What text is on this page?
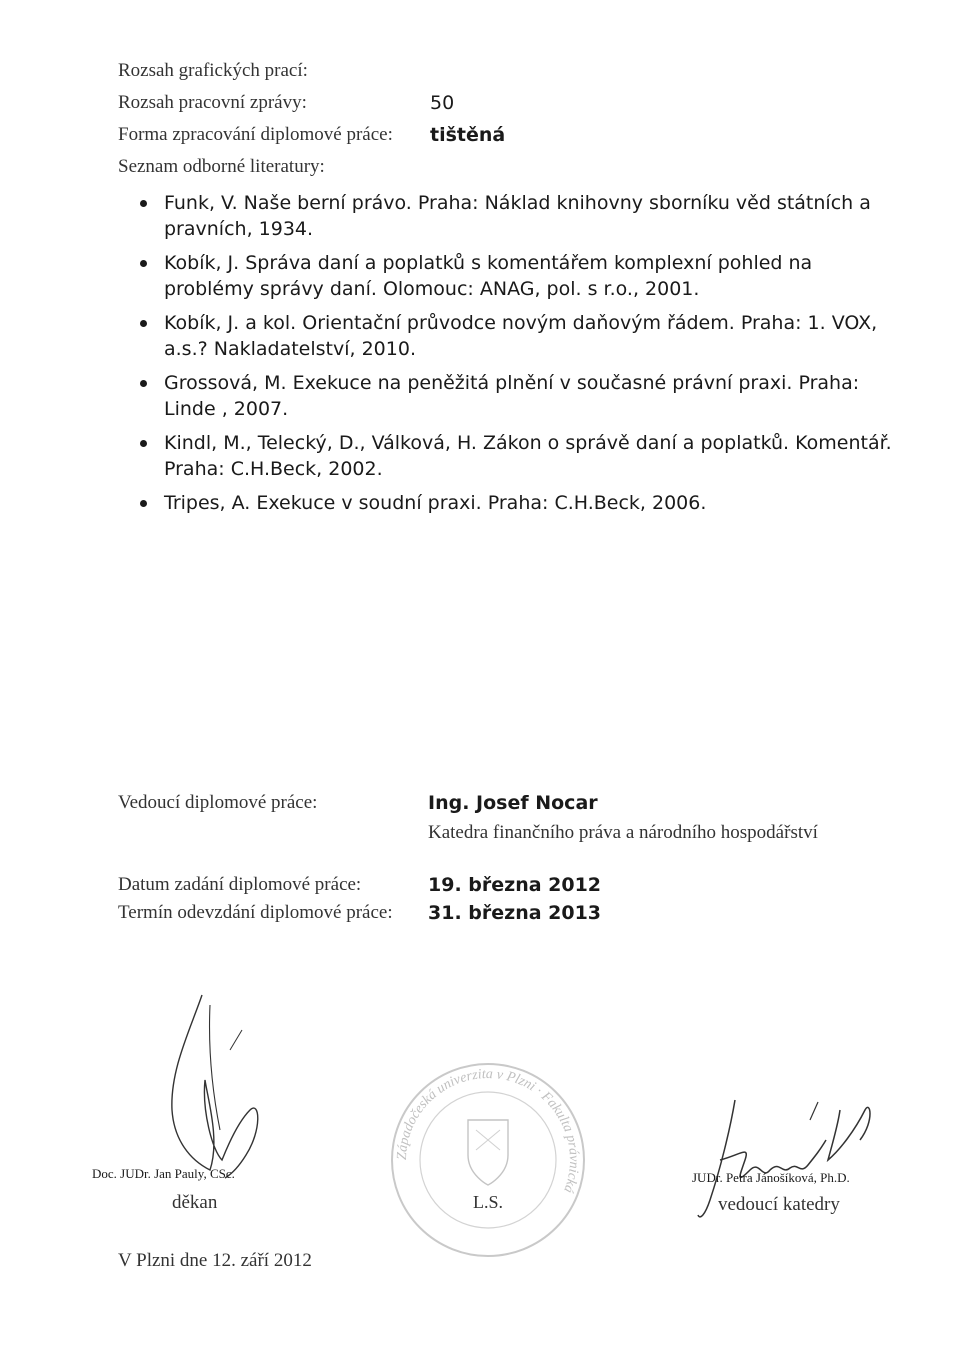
Rozsah grafických prací:
Rozsah pracovní zprávy:	50
Forma zpracování diplomové práce: tištěná
Seznam odborné literatury:
Funk, V. Naše berní právo. Praha: Náklad knihovny sborníku věd státních a pravních, 1934.
Kobík, J. Správa daní a poplatků s komentářem komplexní pohled na problémy správy daní. Olomouc: ANAG, pol. s r.o., 2001.
Kobík, J. a kol. Orientační průvodce novým daňovým řádem. Praha: 1. VOX, a.s.? Nakladatelství, 2010.
Grossová, M. Exekuce na peněžitá plnění v současné právní praxi. Praha: Linde , 2007.
Kindl, M., Telecký, D., Válková, H. Zákon o správě daní a poplatků. Komentář. Praha: C.H.Beck, 2002.
Tripes, A. Exekuce v soudní praxi. Praha: C.H.Beck, 2006.
Vedoucí diplomové práce:	Ing. Josef Nocar
Katedra finančního práva a národního hospodářství
Datum zadání diplomové práce:	19. března 2012
Termín odevzdání diplomové práce: 31. března 2013
Doc. JUDr. Jan Pauly, CSc.
děkan
Západočeská univerzita v Plzni · Fakulta právnická
L.S.
JUDr. Petra Jánošíková, Ph.D.
vedoucí katedry
V Plzni dne 12. září 2012
